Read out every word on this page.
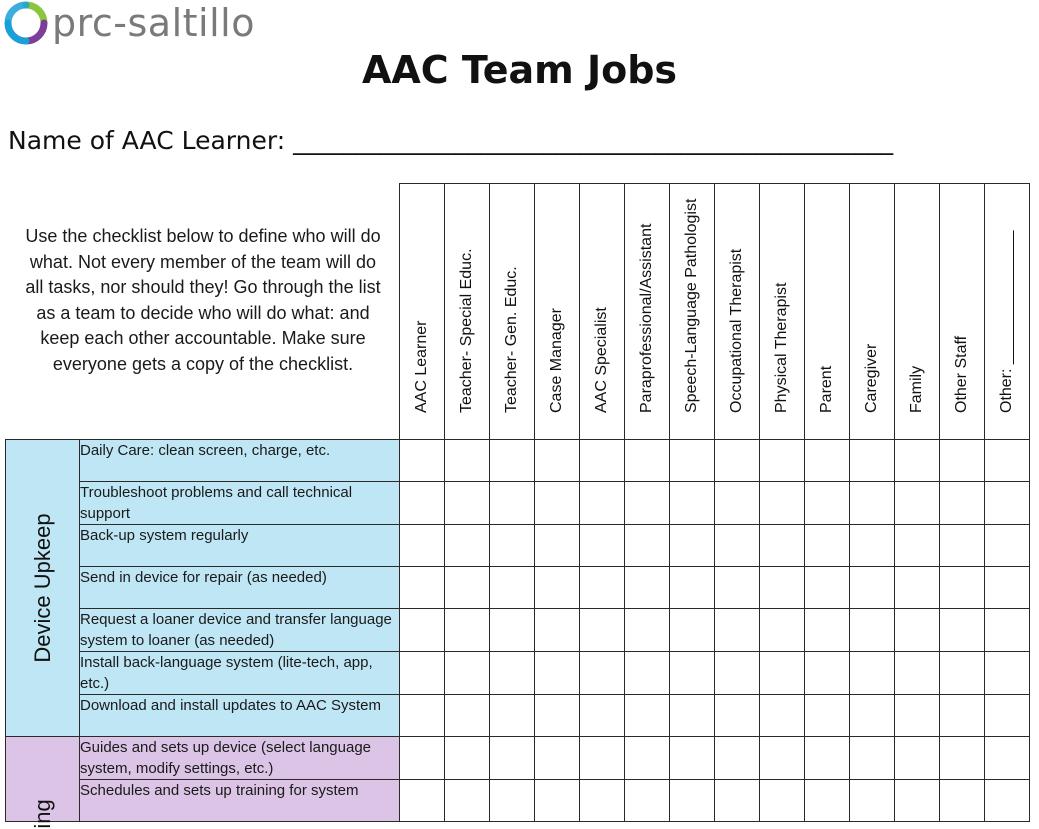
prc-saltillo
AAC Team Jobs
Name of AAC Learner: ________________________________________________
Use the checklist below to define who will do what. Not every member of the team will do all tasks, nor should they! Go through the list as a team to decide who will do what: and keep each other accountable. Make sure everyone gets a copy of the checklist.

		AAC Learner	Teacher- Special Educ.	Teacher- Gen. Educ.	Case Manager	AAC Specialist	Paraprofessional/Assistant	Speech-Language Pathologist	Occupational Therapist	Physical Therapist	Parent	Caregiver	Family	Other Staff	Other: _______________

Device Upkeep	Daily Care: clean screen, charge, etc.														
	Troubleshoot problems and call technical support														
	Back-up system regularly														
	Send in device for repair (as needed)														
	Request a loaner device and transfer language system to loaner (as needed)														
	Install back-language system (lite-tech, app, etc.)														
	Download and install updates to AAC System														

ing	Guides and sets up device (select language system, modify settings, etc.)														
	Schedules and sets up training for system														
